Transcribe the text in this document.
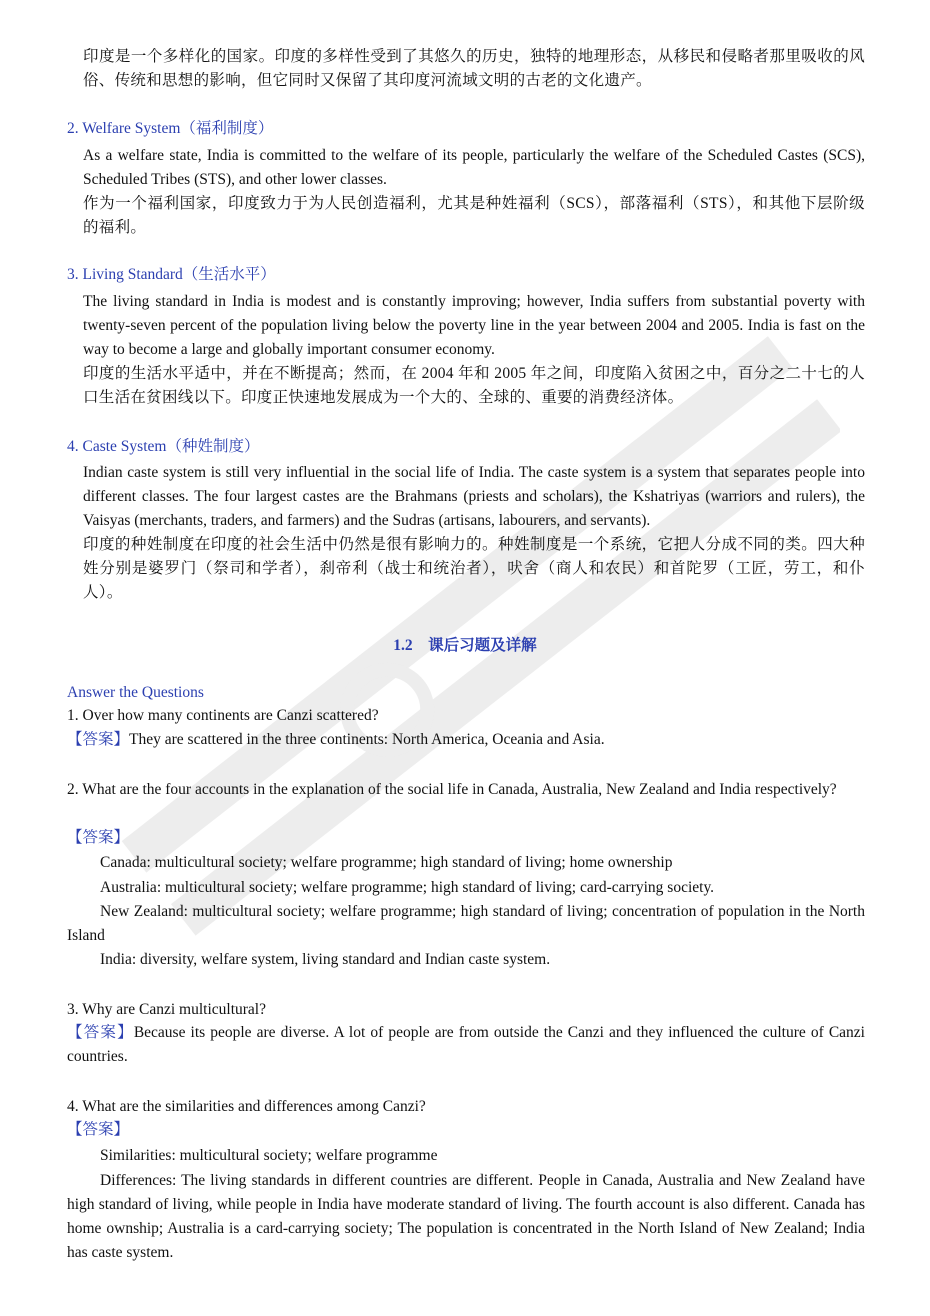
印度是一个多样化的国家。印度的多样性受到了其悠久的历史，独特的地理形态，从移民和侵略者那里吸收的风俗、传统和思想的影响，但它同时又保留了其印度河流域文明的古老的文化遗产。

2. Welfare System（福利制度）

As a welfare state, India is committed to the welfare of its people, particularly the welfare of the Scheduled Castes (SCS), Scheduled Tribes (STS), and other lower classes.

作为一个福利国家，印度致力于为人民创造福利，尤其是种姓福利（SCS），部落福利（STS），和其他下层阶级的福利。

3. Living Standard（生活水平）

The living standard in India is modest and is constantly improving; however, India suffers from substantial poverty with twenty-seven percent of the population living below the poverty line in the year between 2004 and 2005. India is fast on the way to become a large and globally important consumer economy.

印度的生活水平适中，并在不断提高；然而，在 2004 年和 2005 年之间，印度陷入贫困之中，百分之二十七的人口生活在贫困线以下。印度正快速地发展成为一个大的、全球的、重要的消费经济体。

4. Caste System（种姓制度）

Indian caste system is still very influential in the social life of India. The caste system is a system that separates people into different classes. The four largest castes are the Brahmans (priests and scholars), the Kshatriyas (warriors and rulers), the Vaisyas (merchants, traders, and farmers) and the Sudras (artisans, labourers, and servants).

印度的种姓制度在印度的社会生活中仍然是很有影响力的。种姓制度是一个系统，它把人分成不同的类。四大种姓分别是婆罗门（祭司和学者），刹帝利（战士和统治者），吠舍（商人和农民）和首陀罗（工匠，劳工，和仆人）。

1.2　课后习题及详解
Answer the Questions

1. Over how many continents are Canzi scattered?

【答案】They are scattered in the three continents: North America, Oceania and Asia.

2. What are the four accounts in the explanation of the social life in Canada, Australia, New Zealand and India respectively?

【答案】

Canada: multicultural society; welfare programme; high standard of living; home ownership

Australia: multicultural society; welfare programme; high standard of living; card-carrying society.

New Zealand: multicultural society; welfare programme; high standard of living; concentration of population in the North Island

India: diversity, welfare system, living standard and Indian caste system.

3. Why are Canzi multicultural?

【答案】Because its people are diverse. A lot of people are from outside the Canzi and they influenced the culture of Canzi countries.

4. What are the similarities and differences among Canzi?

【答案】

Similarities: multicultural society; welfare programme

Differences: The living standards in different countries are different. People in Canada, Australia and New Zealand have high standard of living, while people in India have moderate standard of living. The fourth account is also different. Canada has home ownship; Australia is a card-carrying society; The population is concentrated in the North Island of New Zealand; India has caste system.
